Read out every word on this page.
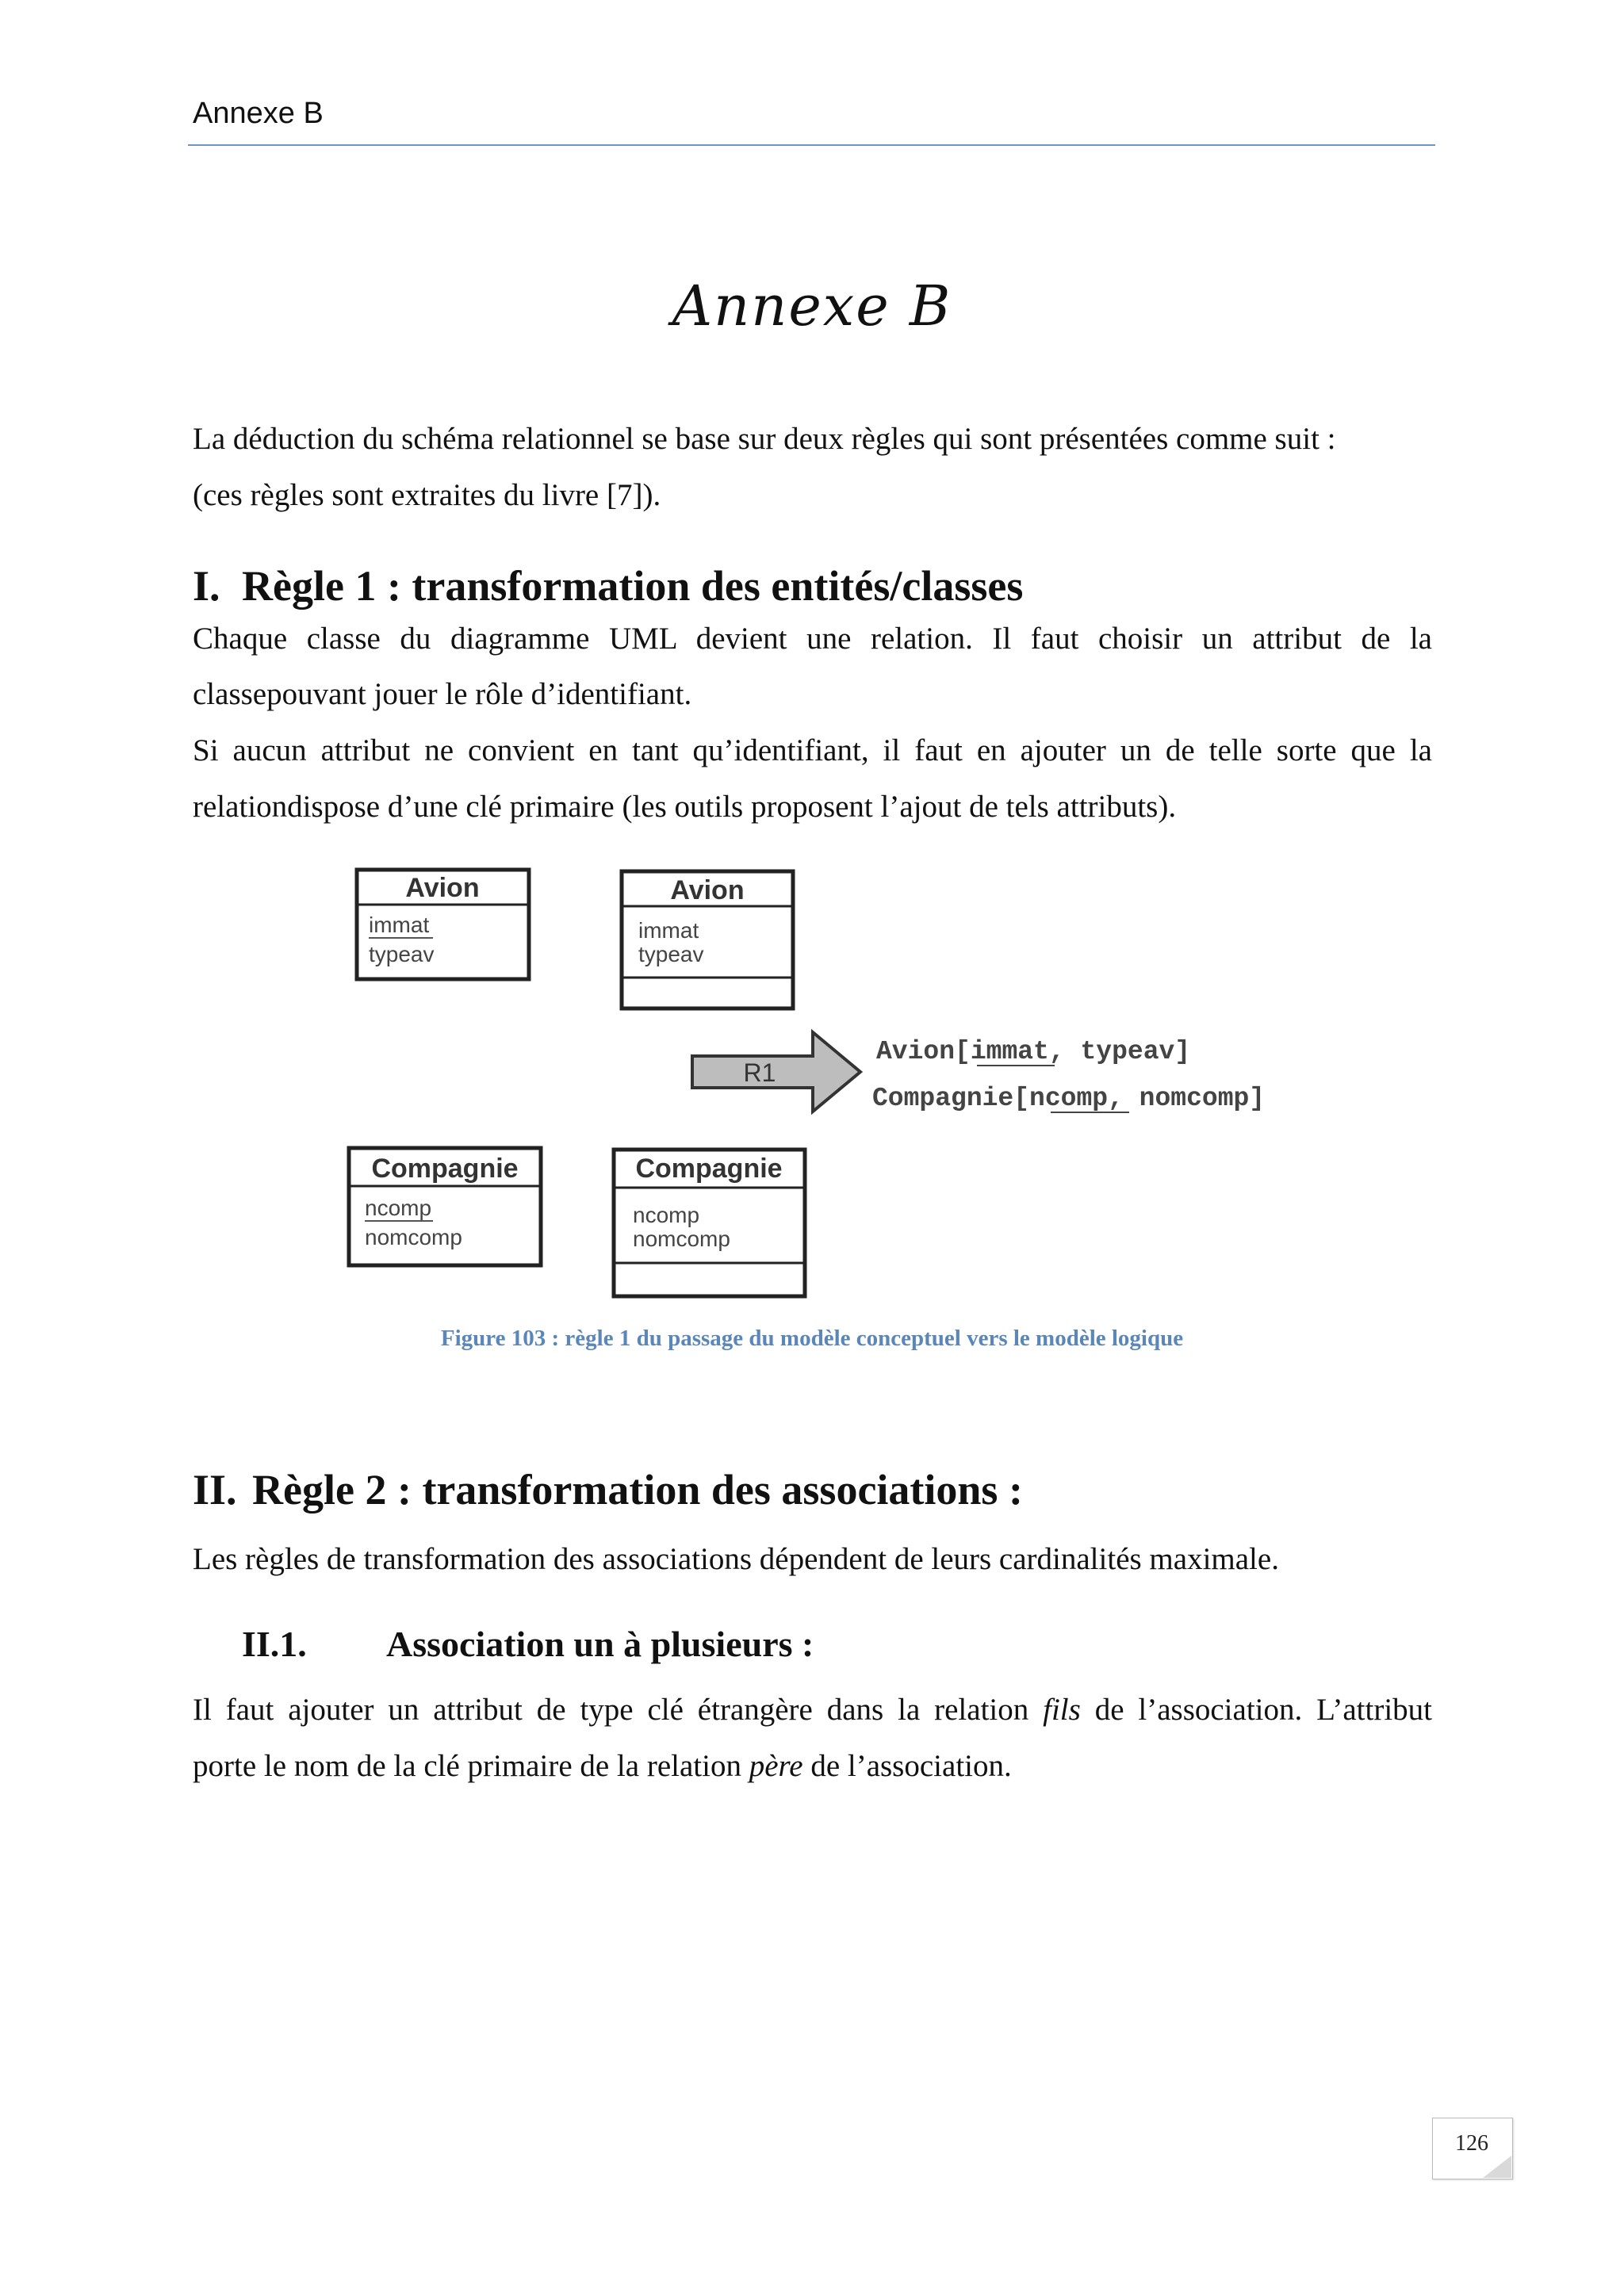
Annexe B
Annexe B
La déduction du schéma relationnel se base sur deux règles qui sont présentées comme suit :
(ces règles sont extraites du livre [7]).
I. Règle 1 : transformation des entités/classes
Chaque classe du diagramme UML devient une relation. Il faut choisir un attribut de la
classepouvant jouer le rôle d’identifiant.
Si aucun attribut ne convient en tant qu’identifiant, il faut en ajouter un de telle sorte que la
relationdispose d’une clé primaire (les outils proposent l’ajout de tels attributs).
Avion
immat
typeav
Avion
immat
typeav
R1
Avion[immat, typeav]
Compagnie[ncomp, nomcomp]
Compagnie
ncomp
nomcomp
Compagnie
ncomp
nomcomp
Figure 103 : règle 1 du passage du modèle conceptuel vers le modèle logique
II. Règle 2 : transformation des associations :
Les règles de transformation des associations dépendent de leurs cardinalités maximale.
II.1. Association un à plusieurs :
Il faut ajouter un attribut de type clé étrangère dans la relation fils de l’association. L’attribut
porte le nom de la clé primaire de la relation père de l’association.
126
